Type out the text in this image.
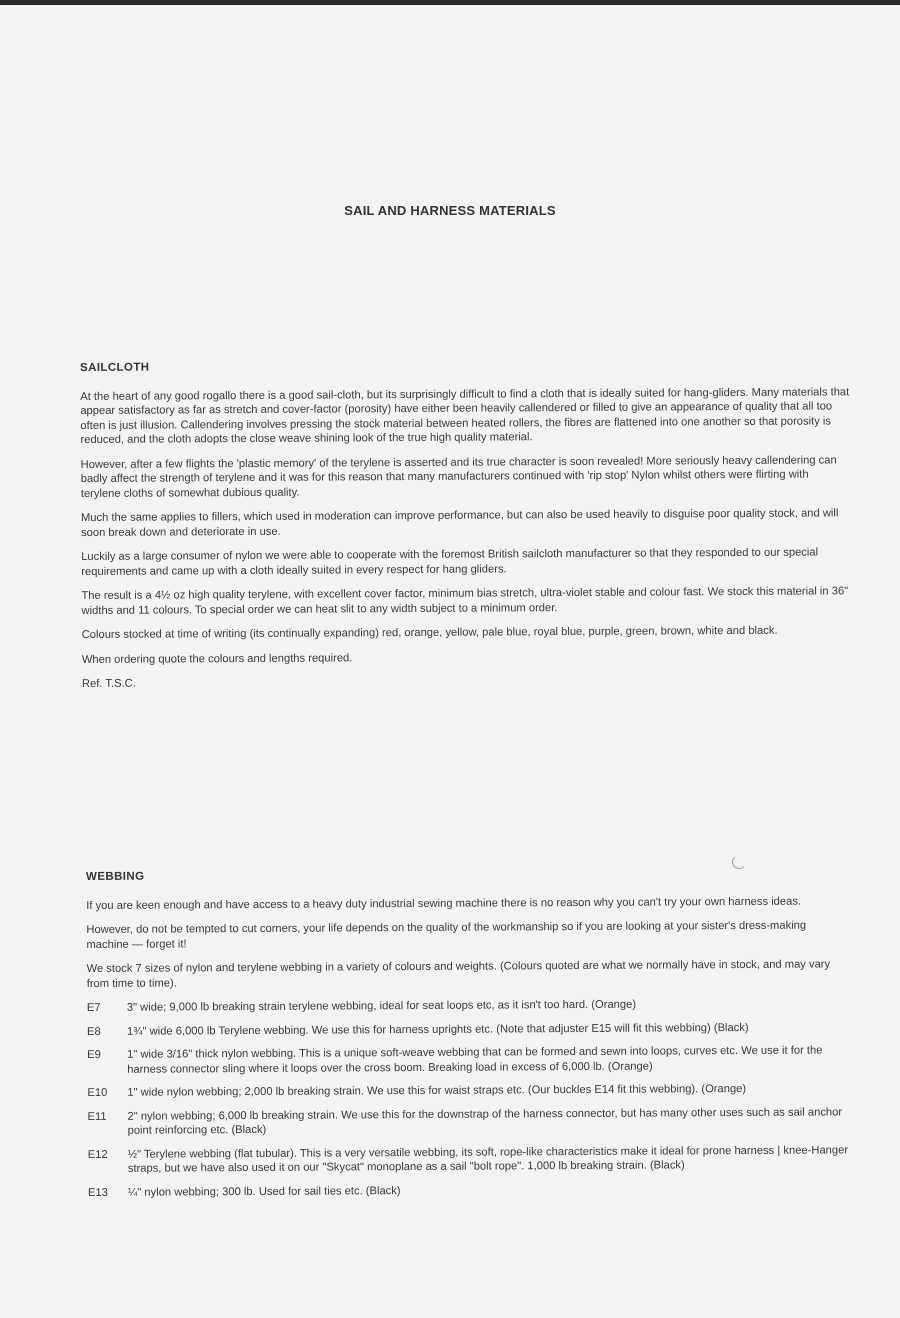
SAIL AND HARNESS MATERIALS
SAILCLOTH

At the heart of any good rogallo there is a good sail-cloth, but its surprisingly difficult to find a cloth that is ideally suited for hang-gliders. Many materials that appear satisfactory as far as stretch and cover-factor (porosity) have either been heavily callendered or filled to give an appearance of quality that all too often is just illusion. Callendering involves pressing the stock material between heated rollers, the fibres are flattened into one another so that porosity is reduced, and the cloth adopts the close weave shining look of the true high quality material.

However, after a few flights the 'plastic memory' of the terylene is asserted and its true character is soon revealed! More seriously heavy callendering can badly affect the strength of terylene and it was for this reason that many manufacturers continued with 'rip stop' Nylon whilst others were flirting with terylene cloths of somewhat dubious quality.

Much the same applies to fillers, which used in moderation can improve performance, but can also be used heavily to disguise poor quality stock, and will soon break down and deteriorate in use.

Luckily as a large consumer of nylon we were able to cooperate with the foremost British sailcloth manufacturer so that they responded to our special requirements and came up with a cloth ideally suited in every respect for hang gliders.

The result is a 4½ oz high quality terylene, with excellent cover factor, minimum bias stretch, ultra-violet stable and colour fast. We stock this material in 36" widths and 11 colours. To special order we can heat slit to any width subject to a minimum order.

Colours stocked at time of writing (its continually expanding) red, orange, yellow, pale blue, royal blue, purple, green, brown, white and black.

When ordering quote the colours and lengths required.

Ref. T.S.C.

WEBBING

If you are keen enough and have access to a heavy duty industrial sewing machine there is no reason why you can't try your own harness ideas.

However, do not be tempted to cut corners, your life depends on the quality of the workmanship so if you are looking at your sister's dress-making machine — forget it!

We stock 7 sizes of nylon and terylene webbing in a variety of colours and weights. (Colours quoted are what we normally have in stock, and may vary from time to time).

E7	3" wide; 9,000 lb breaking strain terylene webbing, ideal for seat loops etc, as it isn't too hard. (Orange)
E8	1¾" wide 6,000 lb Terylene webbing. We use this for harness uprights etc. (Note that adjuster E15 will fit this webbing) (Black)
E9	1" wide 3/16" thick nylon webbing. This is a unique soft-weave webbing that can be formed and sewn into loops, curves etc. We use it for the harness connector sling where it loops over the cross boom. Breaking load in excess of 6,000 lb. (Orange)
E10	1" wide nylon webbing; 2,000 lb breaking strain. We use this for waist straps etc. (Our buckles E14 fit this webbing). (Orange)
E11	2" nylon webbing; 6,000 lb breaking strain. We use this for the downstrap of the harness connector, but has many other uses such as sail anchor point reinforcing etc. (Black)
E12	½" Terylene webbing (flat tubular). This is a very versatile webbing, its soft, rope-like characteristics make it ideal for prone harness | knee-Hanger straps, but we have also used it on our "Skycat" monoplane as a sail "bolt rope". 1,000 lb breaking strain. (Black)
E13	¼" nylon webbing; 300 lb. Used for sail ties etc. (Black)
